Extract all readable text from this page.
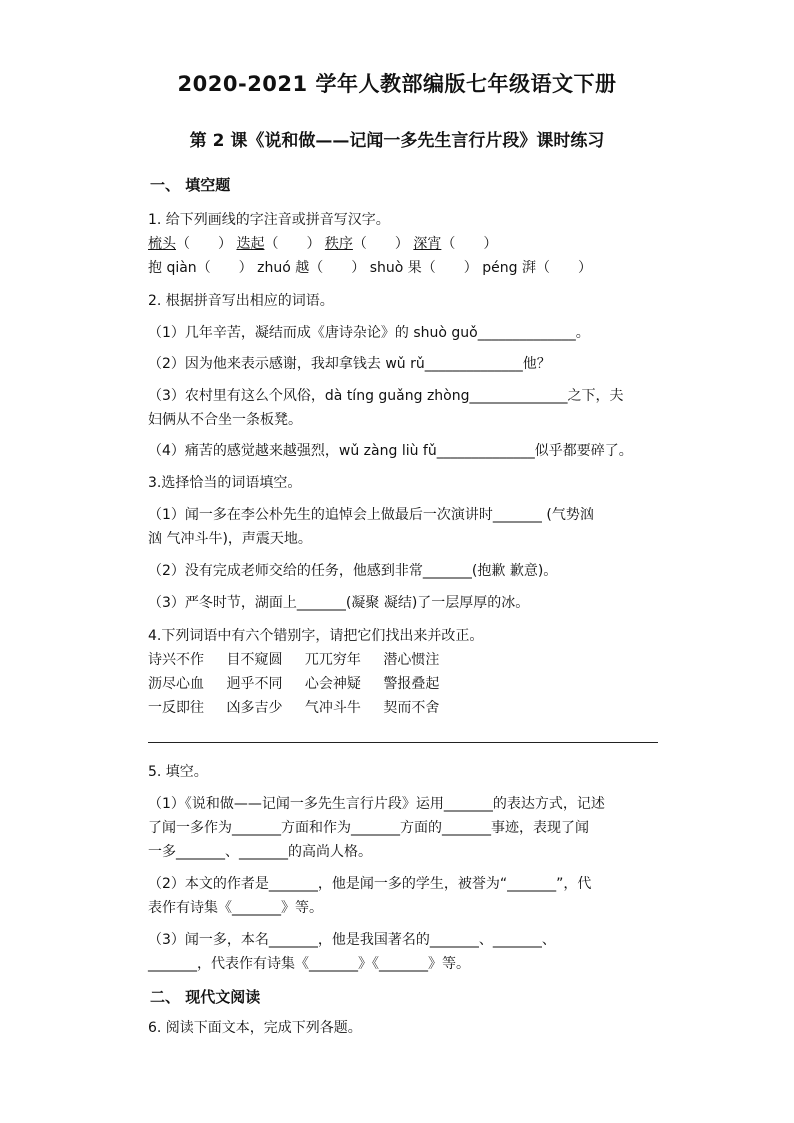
2020-2021 学年人教部编版七年级语文下册
第 2 课《说和做——记闻一多先生言行片段》课时练习
一、 填空题
1. 给下列画线的字注音或拼音写汉字。
梳头（　　） 迭起（　　） 秩序（　　） 深宵（　　）
抱 qiàn（　　） zhuó 越（　　） shuò 果（　　） péng 湃（　　）
2. 根据拼音写出相应的词语。
（1）几年辛苦，凝结而成《唐诗杂论》的 shuò guǒ______________。
（2）因为他来表示感谢，我却拿钱去 wǔ rǔ______________他？
（3）农村里有这么个风俗，dà tíng guǎng zhòng______________之下，夫
妇俩从不合坐一条板凳。
（4）痛苦的感觉越来越强烈，wǔ zàng liù fǔ______________似乎都要碎了。
3.选择恰当的词语填空。
（1）闻一多在李公朴先生的追悼会上做最后一次演讲时_______ (气势汹
汹 气冲斗牛)，声震天地。
（2）没有完成老师交给的任务，他感到非常_______(抱歉 歉意)。
（3）严冬时节，湖面上_______(凝聚 凝结)了一层厚厚的冰。
4.下列词语中有六个错别字，请把它们找出来并改正。
诗兴不作 目不窥圆 兀兀穷年 潜心惯注
沥尽心血 迥乎不同 心会神疑 警报叠起
一反即往 凶多吉少 气冲斗牛 契而不舍
5. 填空。
（1）《说和做——记闻一多先生言行片段》运用_______的表达方式，记述
了闻一多作为_______方面和作为_______方面的_______事迹，表现了闻
一多_______、_______的高尚人格。
（2）本文的作者是_______，他是闻一多的学生，被誉为“_______”，代
表作有诗集《_______》等。
（3）闻一多，本名_______，他是我国著名的_______、_______、
_______，代表作有诗集《_______》《_______》等。
二、 现代文阅读
6. 阅读下面文本，完成下列各题。
